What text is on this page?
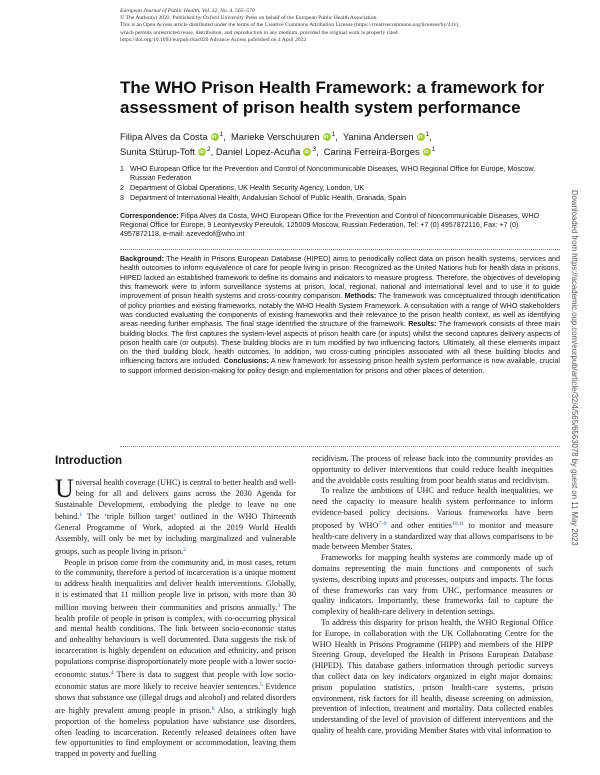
European Journal of Public Health, Vol. 32, No. 4, 565–570
© The Author(s) 2022. Published by Oxford University Press on behalf of the European Public Health Association.
This is an Open Access article distributed under the terms of the Creative Commons Attribution License (https://creativecommons.org/licenses/by/4.0/),
which permits unrestricted reuse, distribution, and reproduction in any medium, provided the original work is properly cited.
https://doi.org/10.1093/eurpub/ckac020 Advance Access published on 4 April 2022
The WHO Prison Health Framework: a framework for assessment of prison health system performance
Filipa Alves da Costa iD $^1$,  Marieke Verschuuren iD $^1$,  Yanina Andersen iD $^1$,
Sunita Stürup-Toft iD $^2$, Daniel Lopez-Acuña iD $^3$,  Carina Ferreira-Borges iD $^1$
1 WHO European Office for the Prevention and Control of Noncommunicable Diseases, WHO Regional Office for Europe, Moscow, Russian Federation
2 Department of Global Operations, UK Health Security Agency, London, UK
3 Department of International Health, Andalusian School of Public Health, Granada, Spain
Correspondence: Filipa Alves da Costa, WHO European Office for the Prevention and Control of Noncommunicable Diseases, WHO Regional Office for Europe, 9 Leontyevsky Pereulok, 125009 Moscow, Russian Federation, Tel: +7 (0) 4957872116, Fax: +7 (0) 4957872118, e-mail: azevedof@who.int
Background: The Health in Prisons European Database (HIPED) aims to periodically collect data on prison health systems, services and health outcomes to inform equivalence of care for people living in prison. Recognized as the United Nations hub for health data in prisons, HIPED lacked an established framework to define its domains and indicators to measure progress. Therefore, the objectives of developing this framework were to inform surveillance systems at prison, local, regional, national and international level and to use it to guide improvement of prison health systems and cross-country comparison. Methods: The framework was conceptualized through identification of policy priorities and existing frameworks, notably the WHO Health System Framework. A consultation with a range of WHO stakeholders was conducted evaluating the components of existing frameworks and their relevance to the prison health context, as well as identifying areas needing further emphasis. The final stage identified the structure of the framework. Results: The framework consists of three main building blocks. The first captures the system-level aspects of prison health care (or inputs) whilst the second captures delivery aspects of prison health care (or outputs). These building blocks are in turn modified by two influencing factors. Ultimately, all these elements impact on the third building block, health outcomes. In addition, two cross-cutting principles associated with all these building blocks and influencing factors are included. Conclusions: A new framework for assessing prison health system performance is now available, crucial to support informed decision-making for policy design and implementation for prisons and other places of detention.
Introduction

Universal health coverage (UHC) is central to better health and well-being for all and delivers gains across the 2030 Agenda for Sustainable Development, embodying the pledge to leave no one behind.$^1$ The ‘triple billion target’ outlined in the WHO Thirteenth General Programme of Work, adopted at the 2019 World Health Assembly, will only be met by including marginalized and vulnerable groups, such as people living in prison.$^2$

People in prison come from the community and, in most cases, return to the community, therefore a period of incarceration is a unique moment to address health inequalities and deliver health interventions. Globally, it is estimated that 11 million people live in prison, with more than 30 million moving between their communities and prisons annually.$^3$ The health profile of people in prison is complex, with co-occurring physical and mental health conditions. The link between socio-economic status and unhealthy behaviours is well documented. Data suggests the risk of incarceration is highly dependent on education and ethnicity, and prison populations comprise disproportionately more people with a lower socio-economic status.$^4$ There is data to suggest that people with low socio-economic status are more likely to receive heavier sentences.$^5$ Evidence shows that substance use (illegal drugs and alcohol) and related disorders are highly prevalent among people in prison.$^6$ Also, a strikingly high proportion of the homeless population have substance use disorders, often leading to incarceration. Recently released detainees often have few opportunities to find employment or accommodation, leaving them trapped in poverty and fuelling

recidivism. The process of release back into the community provides an opportunity to deliver interventions that could reduce health inequities and the avoidable costs resulting from poor health status and recidivism.

To realize the ambitions of UHC and reduce health inequalities, we need the capacity to measure health system performance to inform evidence-based policy decisions. Various frameworks have been proposed by WHO$^{7-9}$ and other entities$^{10,11}$ to monitor and measure health-care delivery in a standardized way that allows comparisons to be made between Member States.

Frameworks for mapping health systems are commonly made up of domains representing the main functions and components of such systems, describing inputs and processes, outputs and impacts. The focus of these frameworks can vary from UHC, performance measures or quality indicators. Importantly, these frameworks fail to capture the complexity of health-care delivery in detention settings.

To address this disparity for prison health, the WHO Regional Office for Europe, in collaboration with the UK Collaborating Centre for the WHO Health in Prisons Programme (HIPP) and members of the HIPP Steering Group, developed the Health in Prisons European Database (HIPED). This database gathers information through periodic surveys that collect data on key indicators organized in eight major domains: prison population statistics, prison health-care systems, prison environment, risk factors for ill health, disease screening on admission, prevention of infection, treatment and mortality. Data collected enables understanding of the level of provision of different interventions and the quality of health care, providing Member States with vital information to

Downloaded from https://academic.oup.com/eurpub/article/32/4/565/6563078 by guest on 11 May 2023
